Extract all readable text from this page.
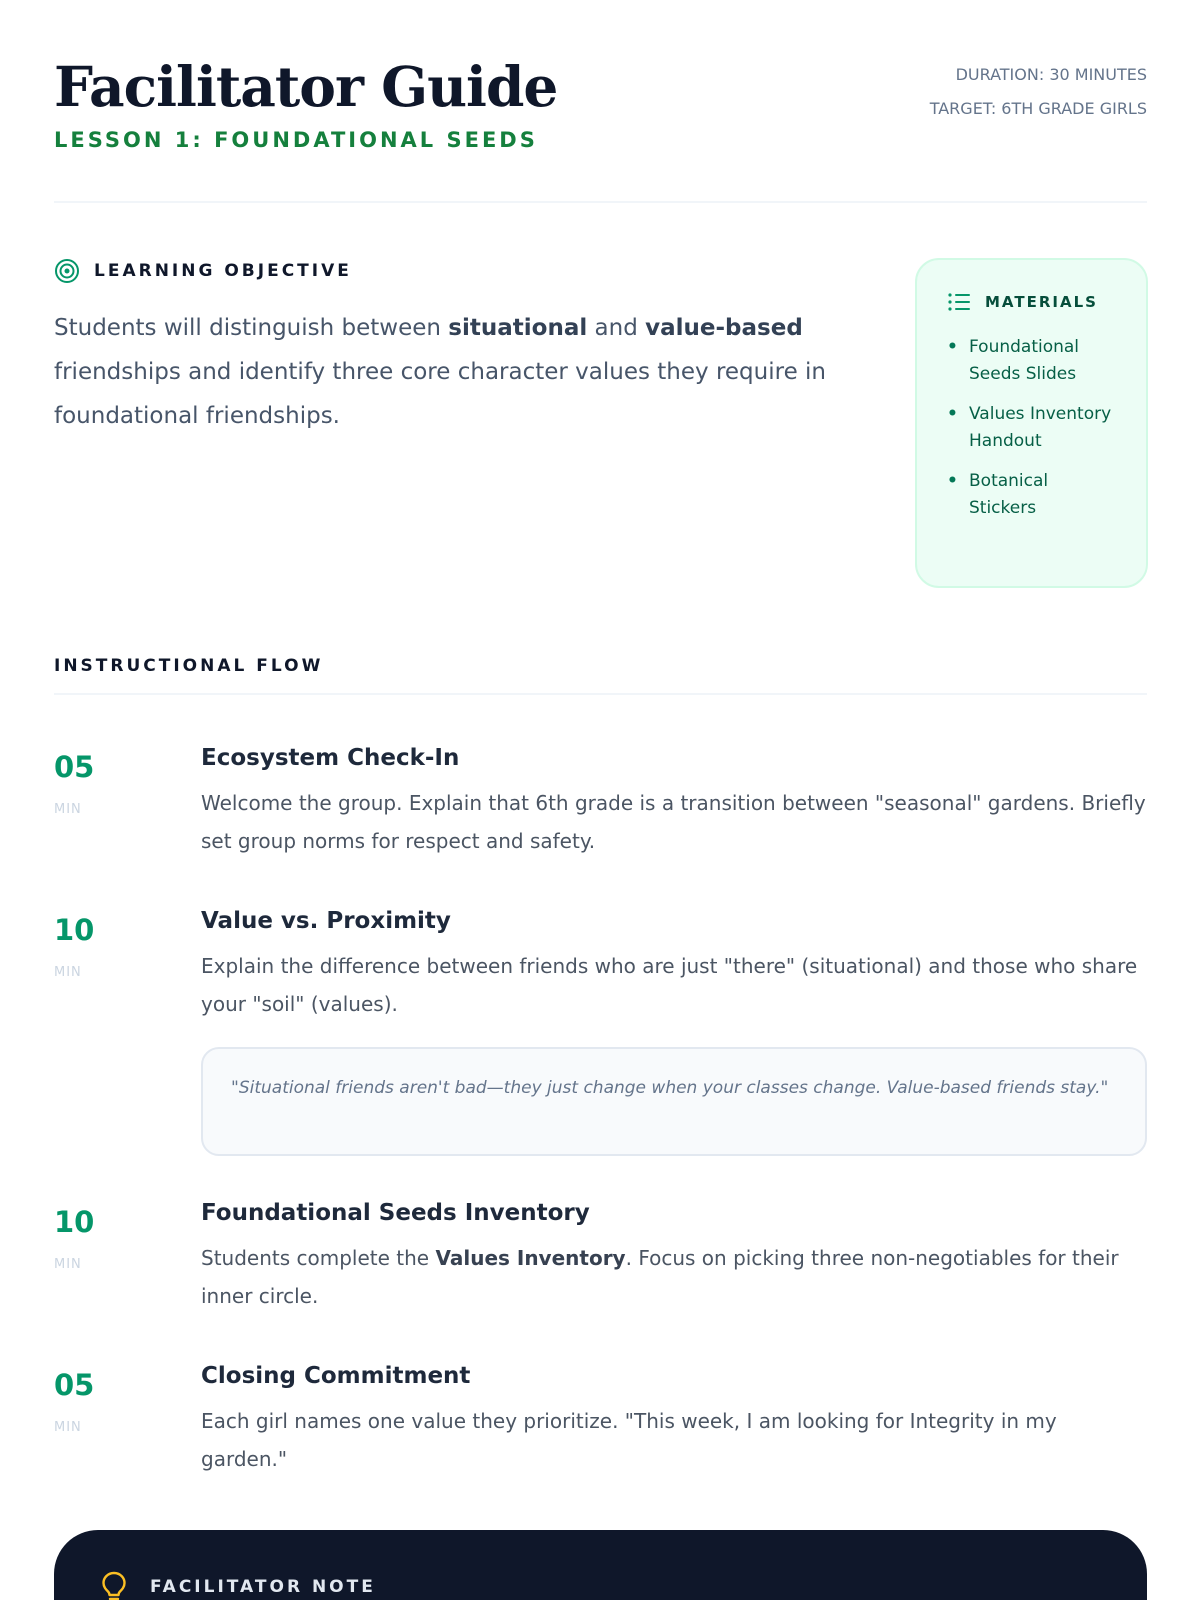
Facilitator Guide
LESSON 1: FOUNDATIONAL SEEDS
DURATION: 30 MINUTES
TARGET: 6TH GRADE GIRLS
LEARNING OBJECTIVE

Students will distinguish between situational and value-based friendships and identify three core character values they require in foundational friendships.

MATERIALS
• Foundational Seeds Slides
• Values Inventory Handout
• Botanical Stickers
INSTRUCTIONAL FLOW
05
MIN
Ecosystem Check-In
Welcome the group. Explain that 6th grade is a transition between "seasonal" gardens. Briefly set group norms for respect and safety.
10
MIN
Value vs. Proximity
Explain the difference between friends who are just "there" (situational) and those who share your "soil" (values).
"Situational friends aren't bad—they just change when your classes change. Value-based friends stay."
10
MIN
Foundational Seeds Inventory
Students complete the Values Inventory. Focus on picking three non-negotiables for their inner circle.
05
MIN
Closing Commitment
Each girl names one value they prioritize. "This week, I am looking for Integrity in my garden."
FACILITATOR NOTE
